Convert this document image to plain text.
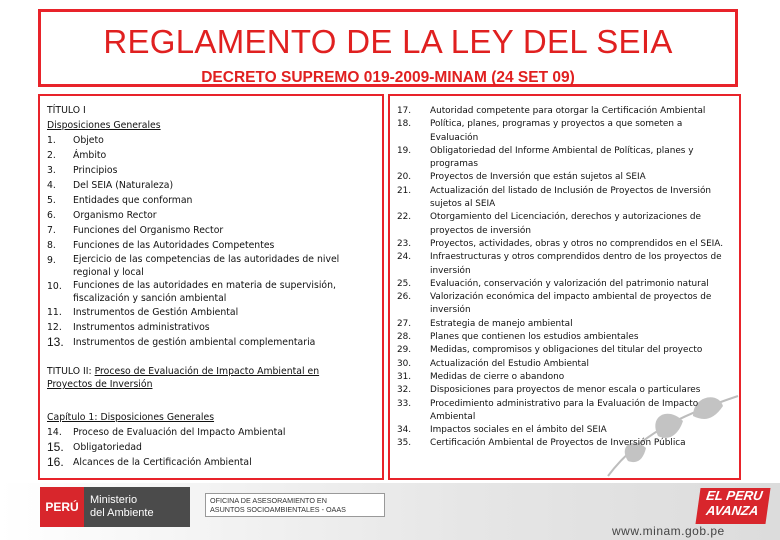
REGLAMENTO DE LA LEY DEL SEIA
DECRETO SUPREMO 019-2009-MINAM (24 SET 09)
TÍTULO I
Disposiciones Generales
1.	Objeto
2.	Ámbito
3.	Principios
4.	Del SEIA (Naturaleza)
5.	Entidades que conforman
6.	Organismo Rector
7.	Funciones del Organismo Rector
8.	Funciones de las Autoridades Competentes
9.	Ejercicio de las competencias de las autoridades de nivel regional y local
10.	Funciones de las autoridades en materia de supervisión, fiscalización y sanción ambiental
11.	Instrumentos de Gestión Ambiental
12.	Instrumentos administrativos
13.	Instrumentos de gestión ambiental complementaria
TITULO II: Proceso de Evaluación de Impacto Ambiental en Proyectos de Inversión
Capítulo 1: Disposiciones Generales
14.	Proceso de Evaluación del Impacto Ambiental
15.	Obligatoriedad
16.	Alcances de la Certificación Ambiental
17.	Autoridad competente para otorgar la Certificación Ambiental
18.	Política, planes, programas y proyectos a que someten a Evaluación
19.	Obligatoriedad del Informe Ambiental de Políticas, planes y programas
20.	Proyectos de Inversión que están sujetos al SEIA
21.	Actualización del listado de Inclusión de Proyectos de Inversión sujetos al SEIA
22.	Otorgamiento del Licenciación, derechos y autorizaciones de proyectos de inversión
23.	Proyectos, actividades, obras y otros no comprendidos en el SEIA.
24.	Infraestructuras y otros comprendidos dentro de los proyectos de inversión
25.	Evaluación, conservación y valorización del patrimonio natural
26.	Valorización económica del impacto ambiental de proyectos de inversión
27.	Estrategia de manejo ambiental
28.	Planes que contienen los estudios ambientales
29.	Medidas, compromisos y obligaciones del titular del proyecto
30.	Actualización del Estudio Ambiental
31.	Medidas de cierre o abandono
32.	Disposiciones para proyectos de menor escala o particulares
33.	Procedimiento administrativo para la Evaluación de Impacto Ambiental
34.	Impactos sociales en el ámbito del SEIA
35.	Certificación Ambiental de Proyectos de Inversión Pública
PERÚ	Ministerio
del Ambiente
OFICINA DE ASESORAMIENTO EN
ASUNTOS SOCIOAMBIENTALES - OAAS
EL PERU
AVANZA
www.minam.gob.pe
